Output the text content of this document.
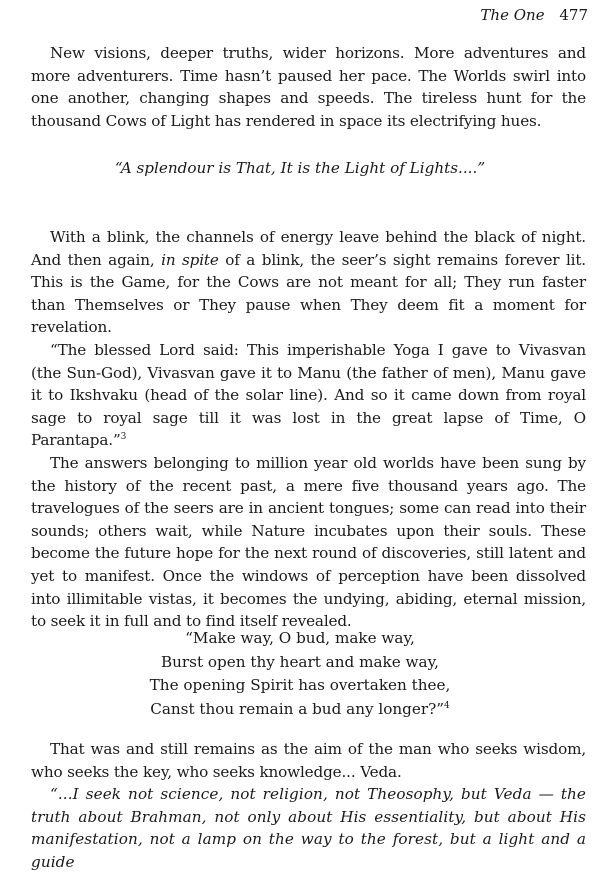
The One 477

New visions, deeper truths, wider horizons. More adventures and more adventurers. Time hasn’t paused her pace. The Worlds swirl into one another, changing shapes and speeds. The tireless hunt for the thousand Cows of Light has rendered in space its electrifying hues.

“A splendour is That, It is the Light of Lights....”

With a blink, the channels of energy leave behind the black of night. And then again, in spite of a blink, the seer’s sight remains forever lit. This is the Game, for the Cows are not meant for all; They run faster than Themselves or They pause when They deem fit a moment for revelation.

“The blessed Lord said: This imperishable Yoga I gave to Vivasvan (the Sun-God), Vivasvan gave it to Manu (the father of men), Manu gave it to Ikshvaku (head of the solar line). And so it came down from royal sage to royal sage till it was lost in the great lapse of Time, O Parantapa.”$^3$

The answers belonging to million year old worlds have been sung by the history of the recent past, a mere five thousand years ago. The travelogues of the seers are in ancient tongues; some can read into their sounds; others wait, while Nature incubates upon their souls. These become the future hope for the next round of discoveries, still latent and yet to manifest. Once the windows of perception have been dissolved into illimitable vistas, it becomes the undying, abiding, eternal mission, to seek it in full and to find itself revealed.

“Make way, O bud, make way,
Burst open thy heart and make way,
The opening Spirit has overtaken thee,
Canst thou remain a bud any longer?”$^4$

That was and still remains as the aim of the man who seeks wisdom, who seeks the key, who seeks knowledge... Veda.

“...I seek not science, not religion, not Theosophy, but Veda — the truth about Brahman, not only about His essentiality, but about His manifestation, not a lamp on the way to the forest, but a light and a guide
